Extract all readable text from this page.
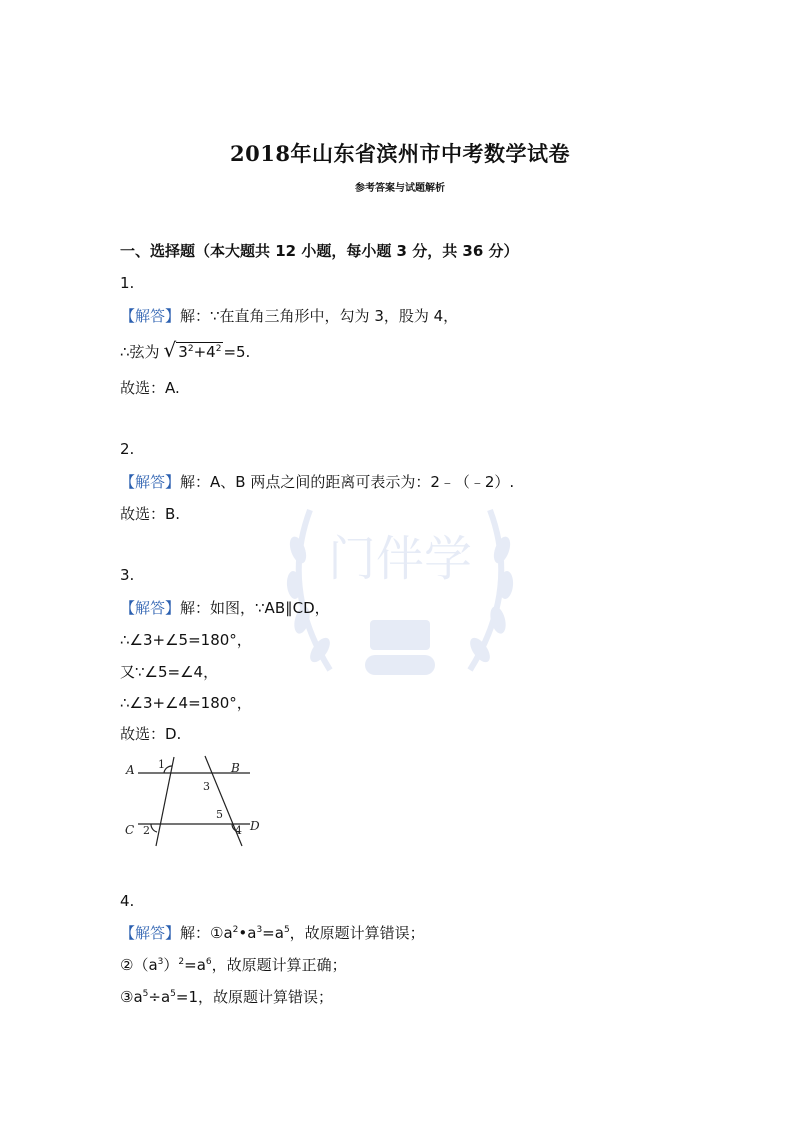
门伴学
2018年山东省滨州市中考数学试卷
参考答案与试题解析
一、选择题（本大题共 12 小题，每小题 3 分，共 36 分）
1.
【解答】解：∵在直角三角形中，勾为 3，股为 4，
∴弦为 √ $3^2+4^2 =5$.
故选：A.
2.
【解答】解：A、B 两点之间的距离可表示为：2﹣（﹣2）.
故选：B.
3.
【解答】解：如图，∵AB∥CD，
∴∠3+∠5=180°，
又∵∠5=∠4，
∴∠3+∠4=180°，
故选：D.
A	B
C	D
1
2
3
4
5
4.
【解答】解：$①a^2•a^3=a^5$，故原题计算错误；
$②(a^3)^2=a^6$，故原题计算正确；
$③a^5\div a^5=1$，故原题计算错误；
